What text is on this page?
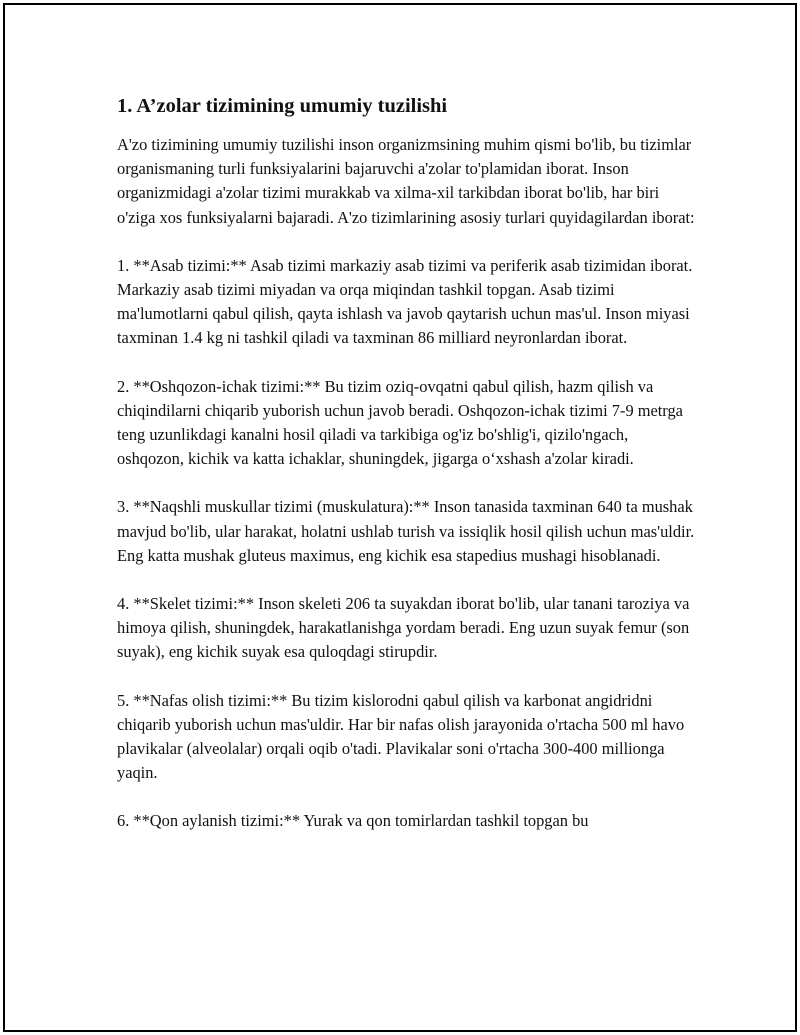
1. A’zolar tizimining umumiy tuzilishi

A'zo tizimining umumiy tuzilishi inson organizmsining muhim qismi bo'lib, bu tizimlar organismaning turli funksiyalarini bajaruvchi a'zolar to'plamidan iborat. Inson organizmidagi a'zolar tizimi murakkab va xilma-xil tarkibdan iborat bo'lib, har biri o'ziga xos funksiyalarni bajaradi. A'zo tizimlarining asosiy turlari quyidagilardan iborat:

1. **Asab tizimi:** Asab tizimi markaziy asab tizimi va periferik asab tizimidan iborat. Markaziy asab tizimi miyadan va orqa miqindan tashkil topgan. Asab tizimi ma'lumotlarni qabul qilish, qayta ishlash va javob qaytarish uchun mas'ul. Inson miyasi taxminan 1.4 kg ni tashkil qiladi va taxminan 86 milliard neyronlardan iborat.

2. **Oshqozon-ichak tizimi:** Bu tizim oziq-ovqatni qabul qilish, hazm qilish va chiqindilarni chiqarib yuborish uchun javob beradi. Oshqozon-ichak tizimi 7-9 metrga teng uzunlikdagi kanalni hosil qiladi va tarkibiga og'iz bo'shlig'i, qizilo'ngach, oshqozon, kichik va katta ichaklar, shuningdek, jigarga o‘xshash a'zolar kiradi.

3. **Naqshli muskullar tizimi (muskulatura):** Inson tanasida taxminan 640 ta mushak mavjud bo'lib, ular harakat, holatni ushlab turish va issiqlik hosil qilish uchun mas'uldir. Eng katta mushak gluteus maximus, eng kichik esa stapedius mushagi hisoblanadi.

4. **Skelet tizimi:** Inson skeleti 206 ta suyakdan iborat bo'lib, ular tanani taroziya va himoya qilish, shuningdek, harakatlanishga yordam beradi. Eng uzun suyak femur (son suyak), eng kichik suyak esa quloqdagi stirupdir.

5. **Nafas olish tizimi:** Bu tizim kislorodni qabul qilish va karbonat angidridni chiqarib yuborish uchun mas'uldir. Har bir nafas olish jarayonida o'rtacha 500 ml havo plavikalar (alveolalar) orqali oqib o'tadi. Plavikalar soni o'rtacha 300-400 millionga yaqin.

6. **Qon aylanish tizimi:** Yurak va qon tomirlardan tashkil topgan bu
